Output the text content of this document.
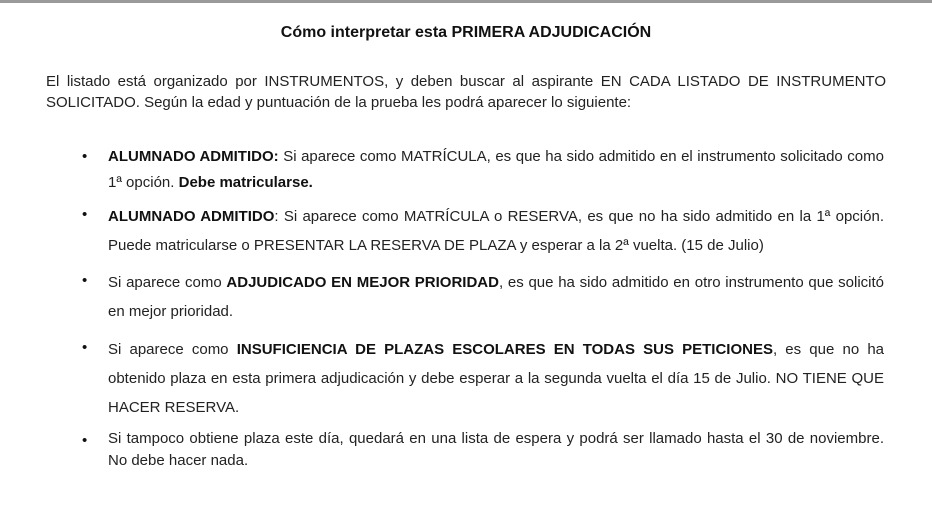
Cómo interpretar esta PRIMERA ADJUDICACIÓN

El listado está organizado por INSTRUMENTOS, y deben buscar al aspirante EN CADA LISTADO DE INSTRUMENTO SOLICITADO. Según la edad y puntuación de la prueba les podrá aparecer lo siguiente:

• ALUMNADO ADMITIDO: Si aparece como MATRÍCULA, es que ha sido admitido en el instrumento solicitado como 1ª opción. Debe matricularse.
• ALUMNADO ADMITIDO: Si aparece como MATRÍCULA o RESERVA, es que no ha sido admitido en la 1ª opción. Puede matricularse o PRESENTAR LA RESERVA DE PLAZA y esperar a la 2ª vuelta. (15 de Julio)
• Si aparece como ADJUDICADO EN MEJOR PRIORIDAD, es que ha sido admitido en otro instrumento que solicitó en mejor prioridad.
• Si aparece como INSUFICIENCIA DE PLAZAS ESCOLARES EN TODAS SUS PETICIONES, es que no ha obtenido plaza en esta primera adjudicación y debe esperar a la segunda vuelta el día 15 de Julio. NO TIENE QUE HACER RESERVA.
• Si tampoco obtiene plaza este día, quedará en una lista de espera y podrá ser llamado hasta el 30 de noviembre. No debe hacer nada.
